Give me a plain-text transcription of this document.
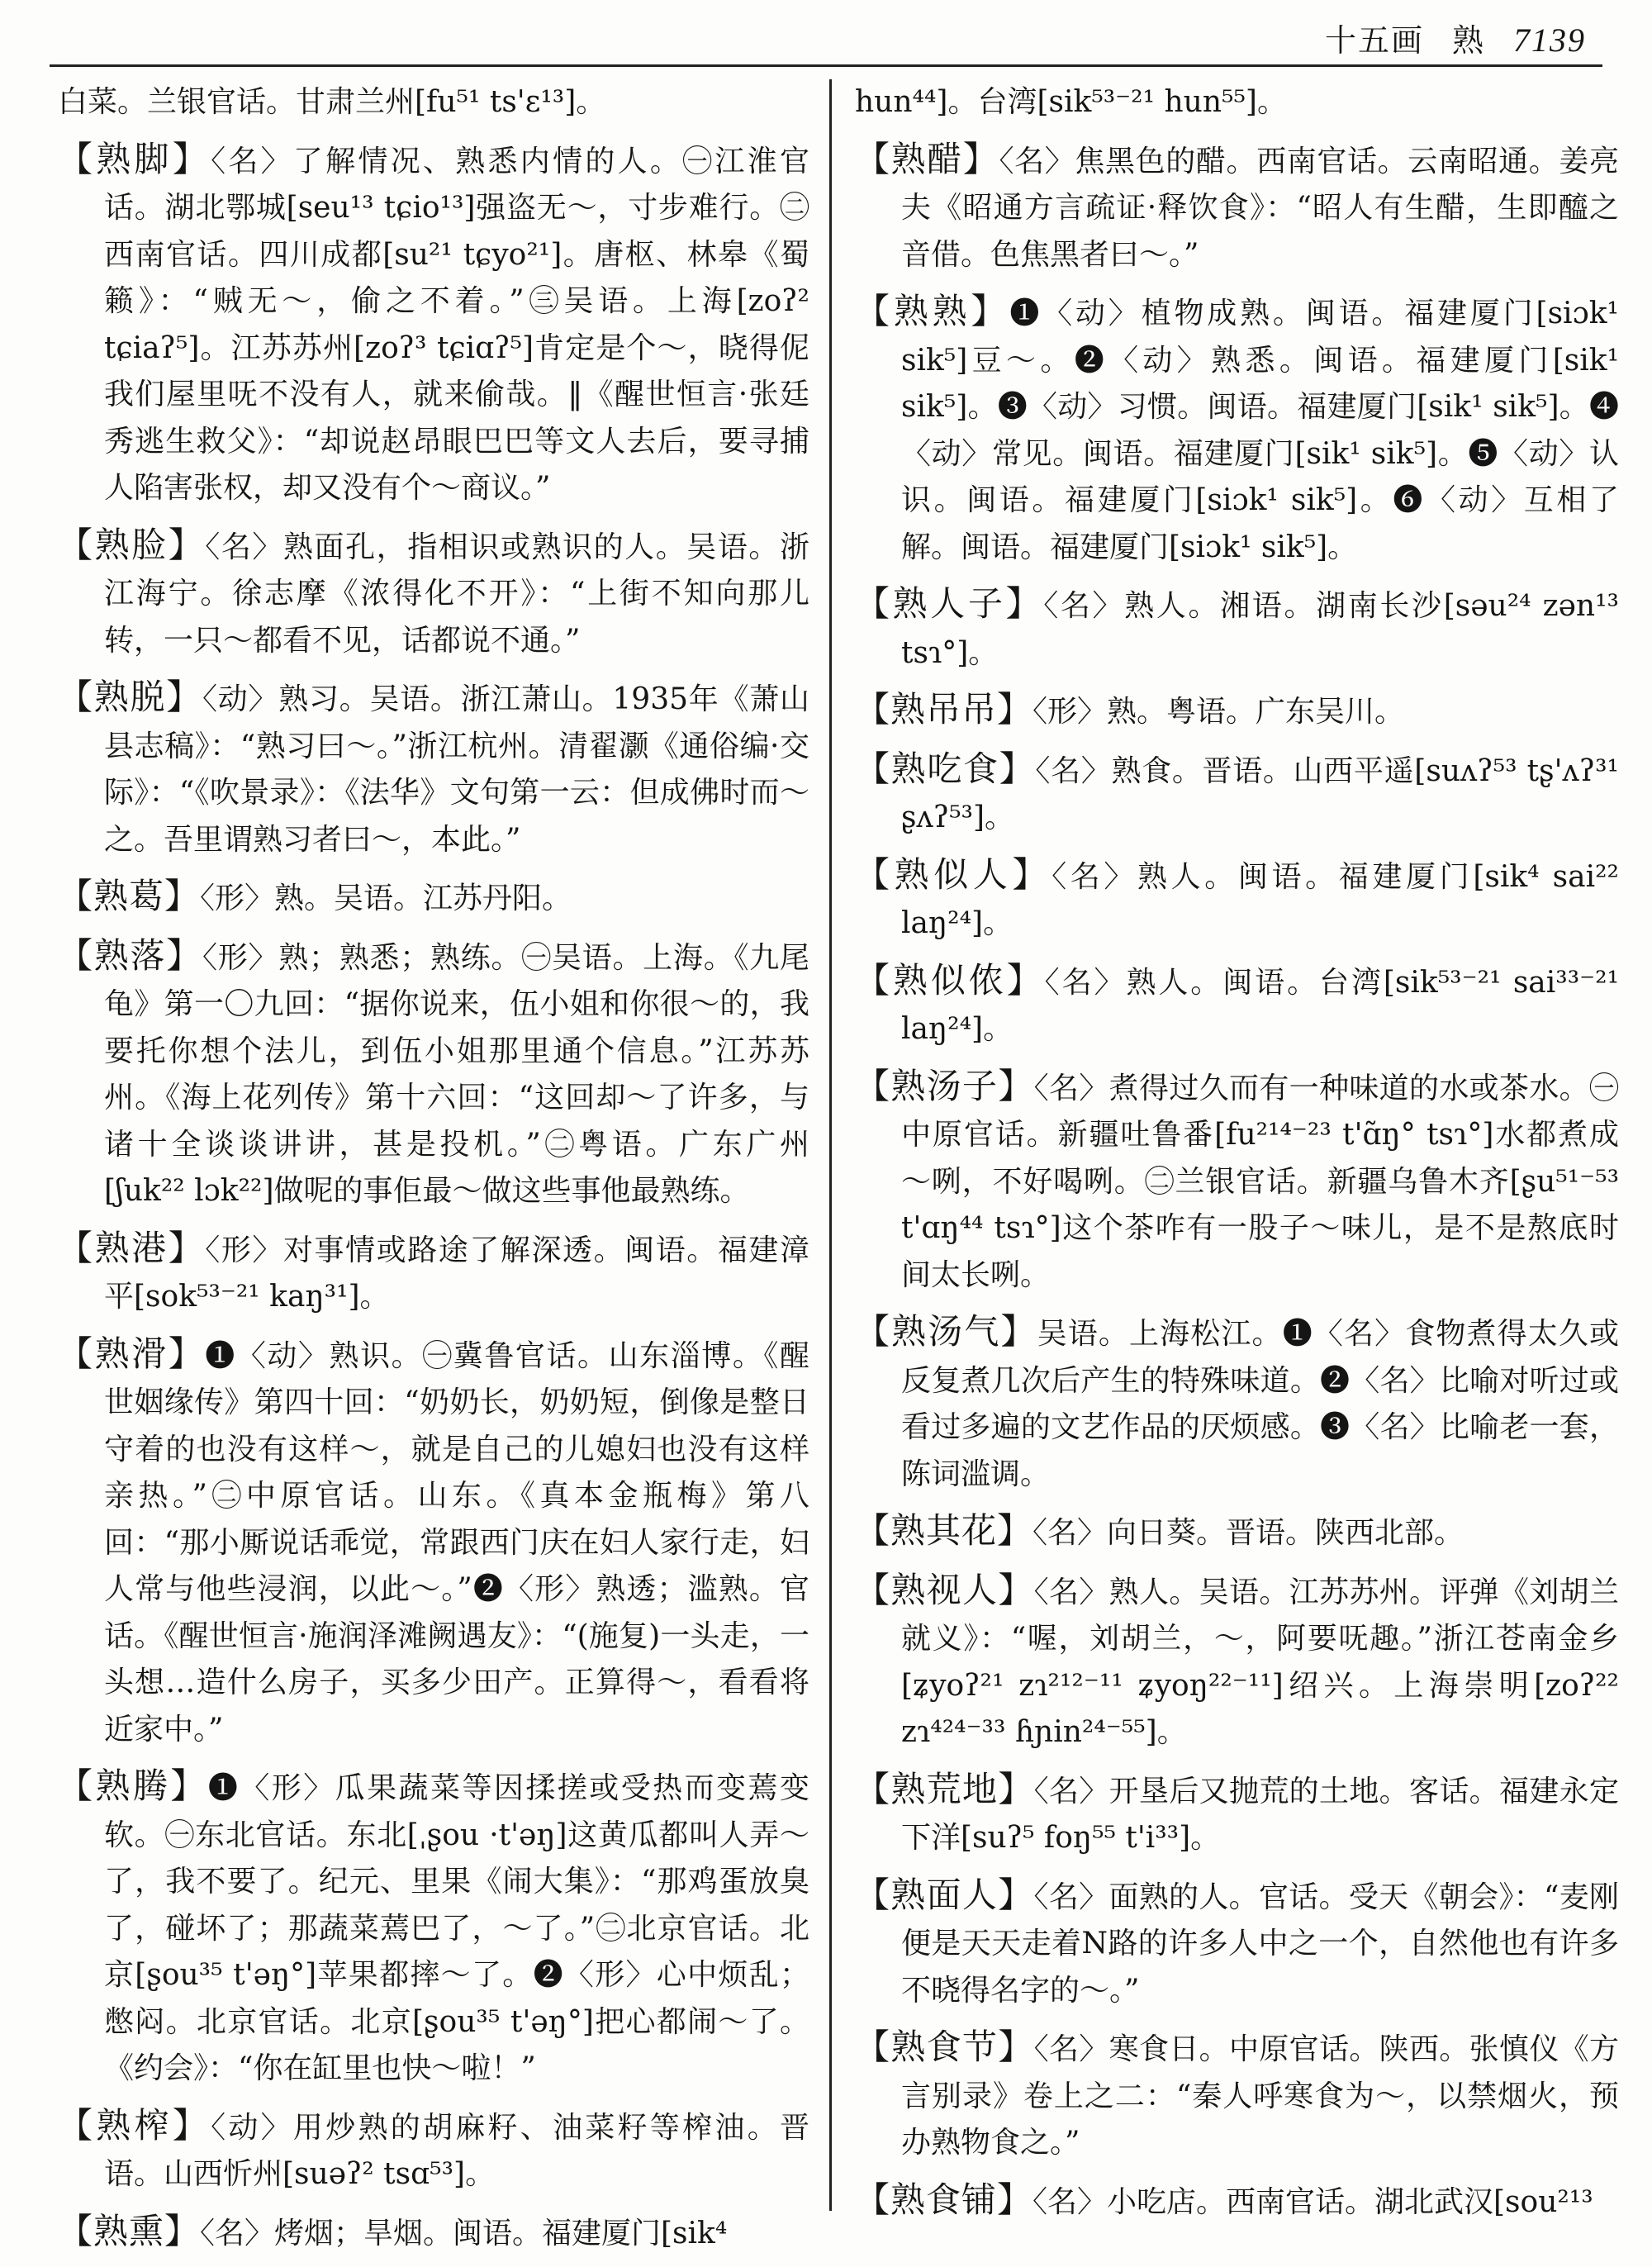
十五画 熟 7139

白菜。兰银官话。甘肃兰州[fu⁵¹ ts'ɛ¹³]。

【熟脚】〈名〉了解情况、熟悉内情的人。㊀江淮官话。湖北鄂城[seu¹³ tɕio¹³]强盗无～，寸步难行。㊁西南官话。四川成都[su²¹ tɕyo²¹]。唐枢、林皋《蜀籁》：“贼无～，偷之不着。”㊂吴语。上海[zoʔ² tɕiaʔ⁵]。江苏苏州[zoʔ³ tɕiɑʔ⁵]肯定是个～，晓得伲我们屋里呒不没有人，就来偷哉。‖《醒世恒言·张廷秀逃生救父》：“却说赵昂眼巴巴等文人去后，要寻捕人陷害张权，却又没有个～商议。”

【熟脸】〈名〉熟面孔，指相识或熟识的人。吴语。浙江海宁。徐志摩《浓得化不开》：“上街不知向那儿转，一只～都看不见，话都说不通。”

【熟脱】〈动〉熟习。吴语。浙江萧山。1935年《萧山县志稿》：“熟习曰～。”浙江杭州。清翟灏《通俗编·交际》：“《吹景录》：《法华》文句第一云：但成佛时而～之。吾里谓熟习者曰～，本此。”

【熟葛】〈形〉熟。吴语。江苏丹阳。

【熟落】〈形〉熟；熟悉；熟练。㊀吴语。上海。《九尾龟》第一〇九回：“据你说来，伍小姐和你很～的，我要托你想个法儿，到伍小姐那里通个信息。”江苏苏州。《海上花列传》第十六回：“这回却～了许多，与诸十全谈谈讲讲，甚是投机。”㊁粤语。广东广州[ʃuk²² lɔk²²]做呢的事佢最～做这些事他最熟练。

【熟港】〈形〉对事情或路途了解深透。闽语。福建漳平[sok⁵³⁻²¹ kaŋ³¹]。

【熟滑】❶〈动〉熟识。㊀冀鲁官话。山东淄博。《醒世姻缘传》第四十回：“奶奶长，奶奶短，倒像是整日守着的也没有这样～，就是自己的儿媳妇也没有这样亲热。”㊁中原官话。山东。《真本金瓶梅》第八回：“那小厮说话乖觉，常跟西门庆在妇人家行走，妇人常与他些浸润，以此～。”❷〈形〉熟透；滥熟。官话。《醒世恒言·施润泽滩阙遇友》：“(施复)一头走，一头想…造什么房子，买多少田产。正算得～，看看将近家中。”

【熟腾】❶〈形〉瓜果蔬菜等因揉搓或受热而变蔫变软。㊀东北官话。东北[ˌʂou ·t'əŋ]这黄瓜都叫人弄～了，我不要了。纪元、里果《闹大集》：“那鸡蛋放臭了，碰坏了；那蔬菜蔫巴了，～了。”㊁北京官话。北京[ʂou³⁵ t'əŋ°]苹果都摔～了。❷〈形〉心中烦乱；憋闷。北京官话。北京[ʂou³⁵ t'əŋ°]把心都闹～了。《约会》：“你在缸里也快～啦！”

【熟榨】〈动〉用炒熟的胡麻籽、油菜籽等榨油。晋语。山西忻州[suəʔ² tsɑ⁵³]。

【熟熏】〈名〉烤烟；旱烟。闽语。福建厦门[sik⁴

hun⁴⁴]。台湾[sik⁵³⁻²¹ hun⁵⁵]。

【熟醋】〈名〉焦黑色的醋。西南官话。云南昭通。姜亮夫《昭通方言疏证·释饮食》：“昭人有生醋，生即醯之音借。色焦黑者曰～。”

【熟熟】❶〈动〉植物成熟。闽语。福建厦门[siɔk¹ sik⁵]豆～。❷〈动〉熟悉。闽语。福建厦门[sik¹ sik⁵]。❸〈动〉习惯。闽语。福建厦门[sik¹ sik⁵]。❹〈动〉常见。闽语。福建厦门[sik¹ sik⁵]。❺〈动〉认识。闽语。福建厦门[siɔk¹ sik⁵]。❻〈动〉互相了解。闽语。福建厦门[siɔk¹ sik⁵]。

【熟人子】〈名〉熟人。湘语。湖南长沙[səu²⁴ zən¹³ tsɿ°]。

【熟吊吊】〈形〉熟。粤语。广东吴川。

【熟吃食】〈名〉熟食。晋语。山西平遥[suʌʔ⁵³ tʂ'ʌʔ³¹ ʂʌʔ⁵³]。

【熟似人】〈名〉熟人。闽语。福建厦门[sik⁴ sai²² laŋ²⁴]。

【熟似侬】〈名〉熟人。闽语。台湾[sik⁵³⁻²¹ sai³³⁻²¹ laŋ²⁴]。

【熟汤子】〈名〉煮得过久而有一种味道的水或茶水。㊀中原官话。新疆吐鲁番[fu²¹⁴⁻²³ t'ɑ̃ŋ° tsɿ°]水都煮成～咧，不好喝咧。㊁兰银官话。新疆乌鲁木齐[ʂu⁵¹⁻⁵³ t'ɑŋ⁴⁴ tsɿ°]这个茶咋有一股子～味儿，是不是熬底时间太长咧。

【熟汤气】吴语。上海松江。❶〈名〉食物煮得太久或反复煮几次后产生的特殊味道。❷〈名〉比喻对听过或看过多遍的文艺作品的厌烦感。❸〈名〉比喻老一套，陈词滥调。

【熟其花】〈名〉向日葵。晋语。陕西北部。

【熟视人】〈名〉熟人。吴语。江苏苏州。评弹《刘胡兰就义》：“喔，刘胡兰，～，阿要呒趣。”浙江苍南金乡[ʑyoʔ²¹ zɿ²¹²⁻¹¹ ʑyoŋ²²⁻¹¹]绍兴。上海崇明[zoʔ²² zɿ⁴²⁴⁻³³ ɦɲin²⁴⁻⁵⁵]。

【熟荒地】〈名〉开垦后又抛荒的土地。客话。福建永定下洋[suʔ⁵ foŋ⁵⁵ t'i³³]。

【熟面人】〈名〉面熟的人。官话。受天《朝会》：“麦刚便是天天走着N路的许多人中之一个，自然他也有许多不晓得名字的～。”

【熟食节】〈名〉寒食日。中原官话。陕西。张慎仪《方言别录》卷上之二：“秦人呼寒食为～，以禁烟火，预办熟物食之。”

【熟食铺】〈名〉小吃店。西南官话。湖北武汉[sou²¹³
